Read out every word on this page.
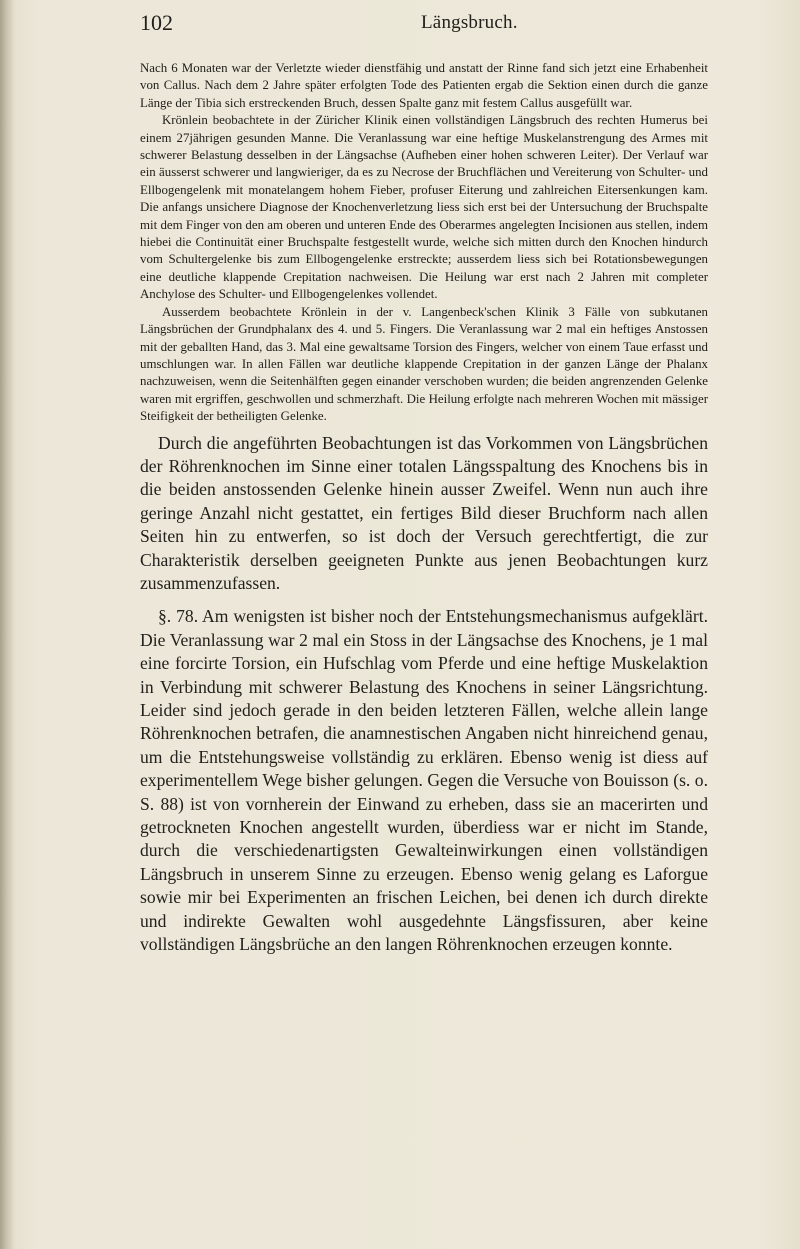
102	Längsbruch.

Nach 6 Monaten war der Verletzte wieder dienstfähig und anstatt der Rinne fand sich jetzt eine Erhabenheit von Callus. Nach dem 2 Jahre später erfolgten Tode des Patienten ergab die Sektion einen durch die ganze Länge der Tibia sich erstreckenden Bruch, dessen Spalte ganz mit festem Callus ausgefüllt war.

Krönlein beobachtete in der Züricher Klinik einen vollständigen Längsbruch des rechten Humerus bei einem 27jährigen gesunden Manne. Die Veranlassung war eine heftige Muskelanstrengung des Armes mit schwerer Belastung desselben in der Längsachse (Aufheben einer hohen schweren Leiter). Der Verlauf war ein äusserst schwerer und langwieriger, da es zu Necrose der Bruchflächen und Vereiterung von Schulter- und Ellbogengelenk mit monatelangem hohem Fieber, profuser Eiterung und zahlreichen Eitersenkungen kam. Die anfangs unsichere Diagnose der Knochenverletzung liess sich erst bei der Untersuchung der Bruchspalte mit dem Finger von den am oberen und unteren Ende des Oberarmes angelegten Incisionen aus stellen, indem hiebei die Continuität einer Bruchspalte festgestellt wurde, welche sich mitten durch den Knochen hindurch vom Schultergelenke bis zum Ellbogengelenke erstreckte; ausserdem liess sich bei Rotationsbewegungen eine deutliche klappende Crepitation nachweisen. Die Heilung war erst nach 2 Jahren mit completer Anchylose des Schulter- und Ellbogengelenkes vollendet.

Ausserdem beobachtete Krönlein in der v. Langenbeck'schen Klinik 3 Fälle von subkutanen Längsbrüchen der Grundphalanx des 4. und 5. Fingers. Die Veranlassung war 2 mal ein heftiges Anstossen mit der geballten Hand, das 3. Mal eine gewaltsame Torsion des Fingers, welcher von einem Taue erfasst und umschlungen war. In allen Fällen war deutliche klappende Crepitation in der ganzen Länge der Phalanx nachzuweisen, wenn die Seitenhälften gegen einander verschoben wurden; die beiden angrenzenden Gelenke waren mit ergriffen, geschwollen und schmerzhaft. Die Heilung erfolgte nach mehreren Wochen mit mässiger Steifigkeit der betheiligten Gelenke.

Durch die angeführten Beobachtungen ist das Vorkommen von Längsbrüchen der Röhrenknochen im Sinne einer totalen Längsspaltung des Knochens bis in die beiden anstossenden Gelenke hinein ausser Zweifel. Wenn nun auch ihre geringe Anzahl nicht gestattet, ein fertiges Bild dieser Bruchform nach allen Seiten hin zu entwerfen, so ist doch der Versuch gerechtfertigt, die zur Charakteristik derselben geeigneten Punkte aus jenen Beobachtungen kurz zusammenzufassen.

§. 78. Am wenigsten ist bisher noch der Entstehungsmechanismus aufgeklärt. Die Veranlassung war 2 mal ein Stoss in der Längsachse des Knochens, je 1 mal eine forcirte Torsion, ein Hufschlag vom Pferde und eine heftige Muskelaktion in Verbindung mit schwerer Belastung des Knochens in seiner Längsrichtung. Leider sind jedoch gerade in den beiden letzteren Fällen, welche allein lange Röhrenknochen betrafen, die anamnestischen Angaben nicht hinreichend genau, um die Entstehungsweise vollständig zu erklären. Ebenso wenig ist diess auf experimentellem Wege bisher gelungen. Gegen die Versuche von Bouisson (s. o. S. 88) ist von vornherein der Einwand zu erheben, dass sie an macerirten und getrockneten Knochen angestellt wurden, überdiess war er nicht im Stande, durch die verschiedenartigsten Gewalteinwirkungen einen vollständigen Längsbruch in unserem Sinne zu erzeugen. Ebenso wenig gelang es Laforgue sowie mir bei Experimenten an frischen Leichen, bei denen ich durch direkte und indirekte Gewalten wohl ausgedehnte Längsfissuren, aber keine vollständigen Längsbrüche an den langen Röhrenknochen erzeugen konnte.
